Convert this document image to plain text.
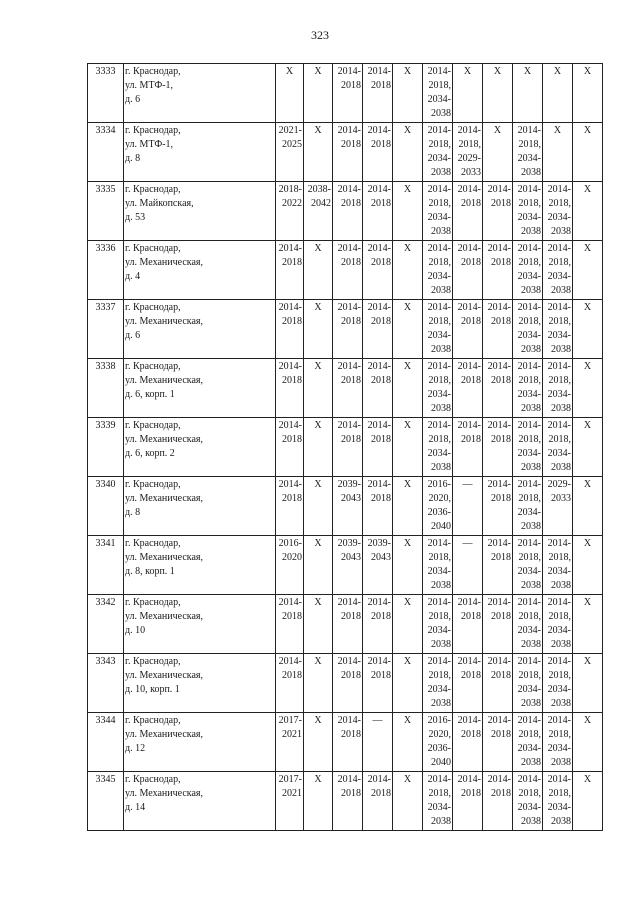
323
3333	г. Краснодар,
ул. МТФ-1,
д. 6	Х	Х	2014-
2018	2014-
2018	Х	2014-
2018,
2034-
2038	Х	Х	Х	Х	Х

3334	г. Краснодар,
ул. МТФ-1,
д. 8	2021-
2025	Х	2014-
2018	2014-
2018	Х	2014-
2018,
2034-
2038	2014-
2018,
2029-
2033	Х	2014-
2018,
2034-
2038	Х	Х

3335	г. Краснодар,
ул. Майкопская,
д. 53	2018-
2022	2038-
2042	2014-
2018	2014-
2018	Х	2014-
2018,
2034-
2038	2014-
2018	2014-
2018	2014-
2018,
2034-
2038	2014-
2018,
2034-
2038	Х

3336	г. Краснодар,
ул. Механическая,
д. 4	2014-
2018	Х	2014-
2018	2014-
2018	Х	2014-
2018,
2034-
2038	2014-
2018	2014-
2018	2014-
2018,
2034-
2038	2014-
2018,
2034-
2038	Х

3337	г. Краснодар,
ул. Механическая,
д. 6	2014-
2018	Х	2014-
2018	2014-
2018	Х	2014-
2018,
2034-
2038	2014-
2018	2014-
2018	2014-
2018,
2034-
2038	2014-
2018,
2034-
2038	Х

3338	г. Краснодар,
ул. Механическая,
д. 6, корп. 1	2014-
2018	Х	2014-
2018	2014-
2018	Х	2014-
2018,
2034-
2038	2014-
2018	2014-
2018	2014-
2018,
2034-
2038	2014-
2018,
2034-
2038	Х

3339	г. Краснодар,
ул. Механическая,
д. 6, корп. 2	2014-
2018	Х	2014-
2018	2014-
2018	Х	2014-
2018,
2034-
2038	2014-
2018	2014-
2018	2014-
2018,
2034-
2038	2014-
2018,
2034-
2038	Х

3340	г. Краснодар,
ул. Механическая,
д. 8	2014-
2018	Х	2039-
2043	2014-
2018	Х	2016-
2020,
2036-
2040	—	2014-
2018	2014-
2018,
2034-
2038	2029-
2033	Х

3341	г. Краснодар,
ул. Механическая,
д. 8, корп. 1	2016-
2020	Х	2039-
2043	2039-
2043	Х	2014-
2018,
2034-
2038	—	2014-
2018	2014-
2018,
2034-
2038	2014-
2018,
2034-
2038	Х

3342	г. Краснодар,
ул. Механическая,
д. 10	2014-
2018	Х	2014-
2018	2014-
2018	Х	2014-
2018,
2034-
2038	2014-
2018	2014-
2018	2014-
2018,
2034-
2038	2014-
2018,
2034-
2038	Х

3343	г. Краснодар,
ул. Механическая,
д. 10, корп. 1	2014-
2018	Х	2014-
2018	2014-
2018	Х	2014-
2018,
2034-
2038	2014-
2018	2014-
2018	2014-
2018,
2034-
2038	2014-
2018,
2034-
2038	Х

3344	г. Краснодар,
ул. Механическая,
д. 12	2017-
2021	Х	2014-
2018	—	Х	2016-
2020,
2036-
2040	2014-
2018	2014-
2018	2014-
2018,
2034-
2038	2014-
2018,
2034-
2038	Х

3345	г. Краснодар,
ул. Механическая,
д. 14	2017-
2021	Х	2014-
2018	2014-
2018	Х	2014-
2018,
2034-
2038	2014-
2018	2014-
2018	2014-
2018,
2034-
2038	2014-
2018,
2034-
2038	Х
